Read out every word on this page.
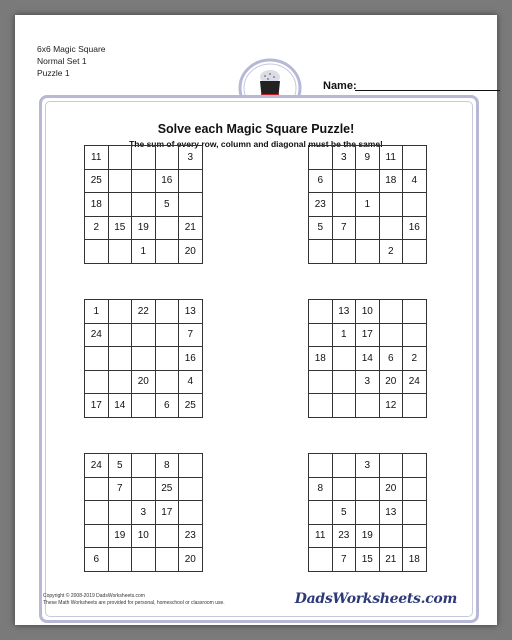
6x6 Magic Square
Normal Set 1
Puzzle 1
Name:
Solve each Magic Square Puzzle!
The sum of every row, column and diagonal must be the same!
11				3
25			16	
18			5	
2	15	19		21
		1		20
	3	9	11	
6			18	4
23		1		
5	7			16
			2	
1		22		13
24				7
				16
		20		4
17	14		6	25
	13	10		
	1	17		
18		14	6	2
		3	20	24
			12	
24	5		8	
	7		25	
		3	17	
	19	10		23
6				20
		3		
8			20	
	5		13	
11	23	19		
	7	15	21	18
Copyright © 2008-2019 DadsWorksheets.com
These Math Worksheets are provided for personal, homeschool or classroom use.	DadsWorksheets.com
